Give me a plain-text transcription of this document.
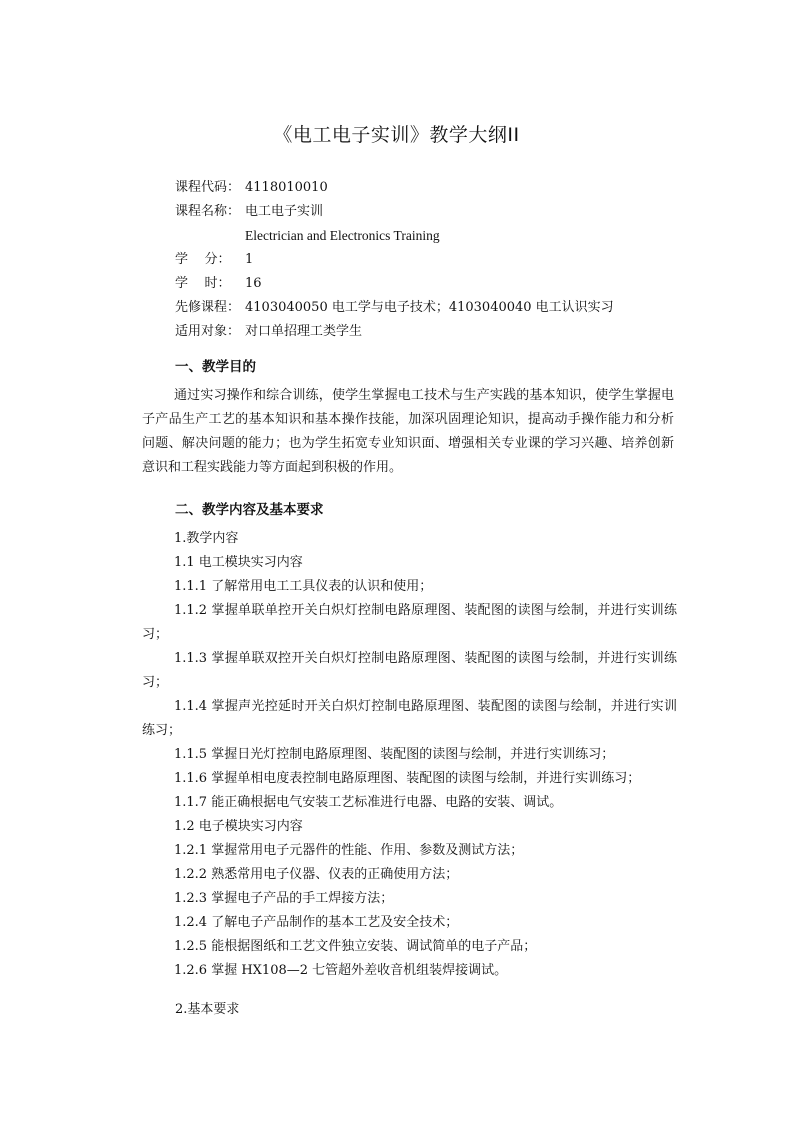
《电工电子实训》教学大纲II
课程代码： 4118010010
课程名称： 电工电子实训
Electrician and Electronics Training
学    分： 1
学    时： 16
先修课程： 4103040050 电工学与电子技术；4103040040 电工认识实习
适用对象： 对口单招理工类学生
一、教学目的
通过实习操作和综合训练，使学生掌握电工技术与生产实践的基本知识，使学生掌握电子产品生产工艺的基本知识和基本操作技能，加深巩固理论知识，提高动手操作能力和分析问题、解决问题的能力；也为学生拓宽专业知识面、增强相关专业课的学习兴趣、培养创新意识和工程实践能力等方面起到积极的作用。
二、教学内容及基本要求

1.教学内容

1.1 电工模块实习内容

1.1.1 了解常用电工工具仪表的认识和使用；

1.1.2 掌握单联单控开关白炽灯控制电路原理图、装配图的读图与绘制，并进行实训练习；

1.1.3 掌握单联双控开关白炽灯控制电路原理图、装配图的读图与绘制，并进行实训练习；

1.1.4 掌握声光控延时开关白炽灯控制电路原理图、装配图的读图与绘制，并进行实训练习；

1.1.5 掌握日光灯控制电路原理图、装配图的读图与绘制，并进行实训练习；

1.1.6 掌握单相电度表控制电路原理图、装配图的读图与绘制，并进行实训练习；

1.1.7 能正确根据电气安装工艺标准进行电器、电路的安装、调试。

1.2 电子模块实习内容

1.2.1 掌握常用电子元器件的性能、作用、参数及测试方法；

1.2.2 熟悉常用电子仪器、仪表的正确使用方法；

1.2.3 掌握电子产品的手工焊接方法；

1.2.4 了解电子产品制作的基本工艺及安全技术；

1.2.5 能根据图纸和工艺文件独立安装、调试简单的电子产品；

1.2.6 掌握 HX108—2 七管超外差收音机组装焊接调试。

2.基本要求
